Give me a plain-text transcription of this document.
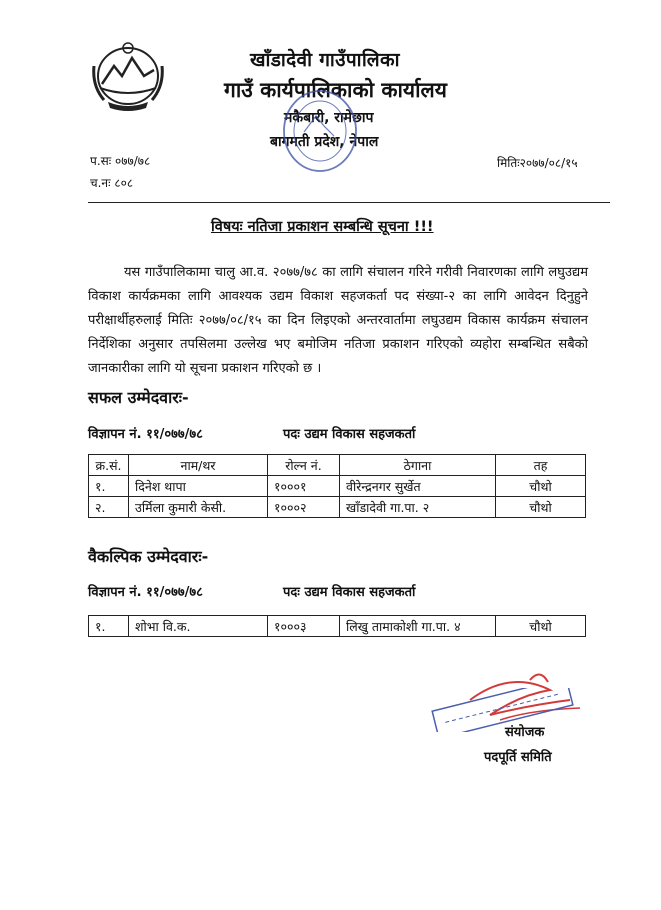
खाँडादेवी गाउँपालिका
गाउँ कार्यपालिकाको कार्यालय
मकैबारी, रामेछाप
बागमती प्रदेश, नेपाल
प.सः ०७७/७८
च.नः ८०८
मितिः२०७७/०८/१५
विषयः नतिजा प्रकाशन सम्बन्धि सूचना !!!
यस गाउँपालिकामा चालु आ.व. २०७७/७८ का लागि संचालन गरिने गरीवी निवारणका लागि लघुउद्यम विकाश कार्यक्रमका लागि आवश्यक उद्यम विकाश सहजकर्ता पद संख्या-२ का लागि आवेदन दिनुहुने परीक्षार्थीहरुलाई मितिः २०७७/०८/१५ का दिन लिइएको अन्तरवार्तामा लघुउद्यम विकास कार्यक्रम संचालन निर्देशिका अनुसार तपसिलमा उल्लेख भए बमोजिम नतिजा प्रकाशन गरिएको व्यहोरा सम्बन्धित सबैको जानकारीका लागि यो सूचना प्रकाशन गरिएको छ ।
सफल उम्मेदवारः-
विज्ञापन नं. ११/०७७/७८	पदः उद्यम विकास सहजकर्ता
क्र.सं.	नाम/थर	रोल्न नं.	ठेगाना	तह
१.	दिनेश थापा	१०००१	वीरेन्द्रनगर सुर्खेत	चौथो
२.	उर्मिला कुमारी केसी.	१०००२	खाँडादेवी गा.पा. २	चौथो
वैकल्पिक उम्मेदवारः-
विज्ञापन नं. ११/०७७/७८	पदः उद्यम विकास सहजकर्ता
१.	शोभा वि.क.	१०००३	लिखु तामाकोशी गा.पा. ४	चौथो
संयोजक
पदपूर्ति समिति
